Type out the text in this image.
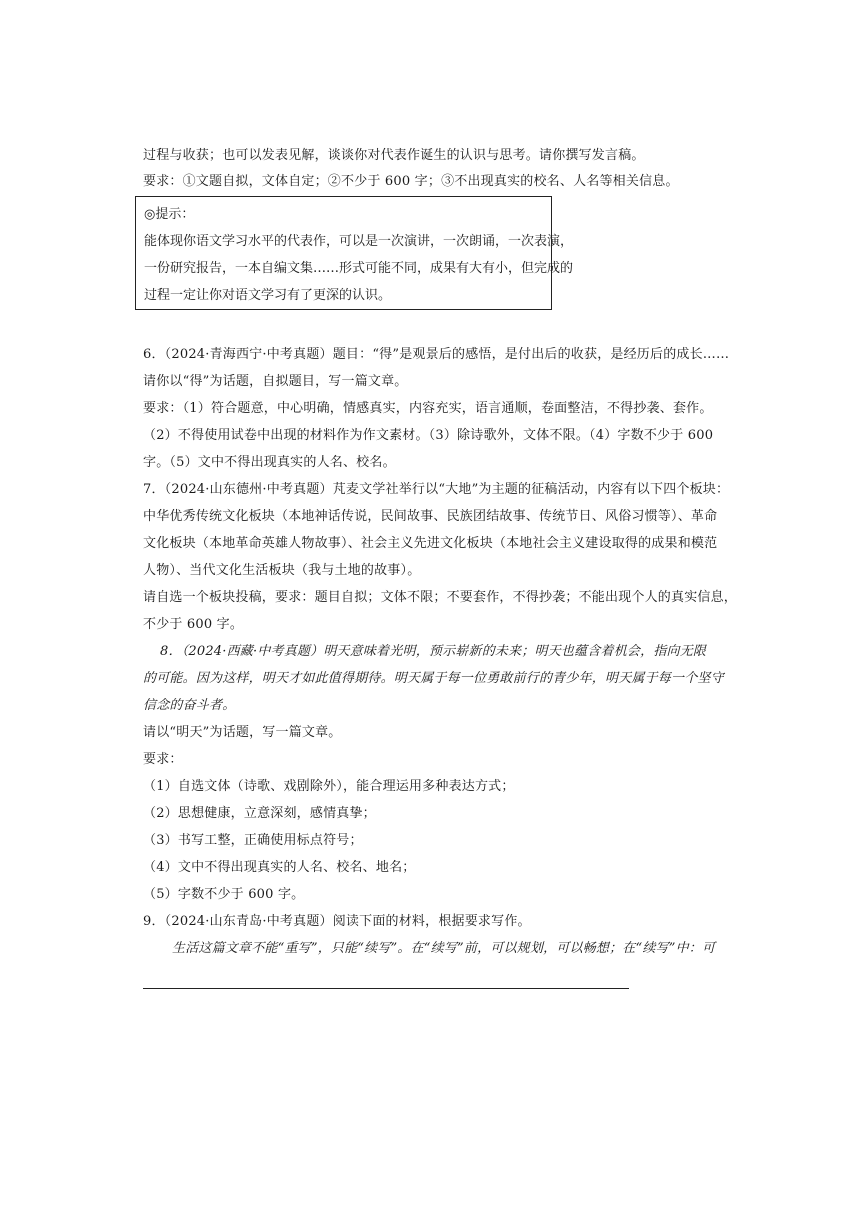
过程与收获；也可以发表见解，谈谈你对代表作诞生的认识与思考。请你撰写发言稿。
要求：①文题自拟，文体自定；②不少于 600 字；③不出现真实的校名、人名等相关信息。
◎提示：
能体现你语文学习水平的代表作，可以是一次演讲，一次朗诵，一次表演，
一份研究报告，一本自编文集……形式可能不同，成果有大有小，但完成的
过程一定让你对语文学习有了更深的认识。
6．（2024·青海西宁·中考真题）题目：“得”是观景后的感悟，是付出后的收获，是经历后的成长……
请你以“得”为话题，自拟题目，写一篇文章。
要求：（1）符合题意，中心明确，情感真实，内容充实，语言通顺，卷面整洁，不得抄袭、套作。
（2）不得使用试卷中出现的材料作为作文素材。（3）除诗歌外，文体不限。（4）字数不少于 600
字。（5）文中不得出现真实的人名、校名。
7．（2024·山东德州·中考真题）芃麦文学社举行以“大地”为主题的征稿活动，内容有以下四个板块：
中华优秀传统文化板块（本地神话传说，民间故事、民族团结故事、传统节日、风俗习惯等）、革命
文化板块（本地革命英雄人物故事）、社会主义先进文化板块（本地社会主义建设取得的成果和模范
人物）、当代文化生活板块（我与土地的故事）。
请自选一个板块投稿，要求：题目自拟；文体不限；不要套作，不得抄袭；不能出现个人的真实信息，
不少于 600 字。
8．（2024·西藏·中考真题）明天意味着光明，预示崭新的未来；明天也蕴含着机会，指向无限
的可能。因为这样，明天才如此值得期待。明天属于每一位勇敢前行的青少年，明天属于每一个坚守
信念的奋斗者。
请以“明天”为话题，写一篇文章。
要求：
（1）自选文体（诗歌、戏剧除外），能合理运用多种表达方式；
（2）思想健康，立意深刻，感情真挚；
（3）书写工整，正确使用标点符号；
（4）文中不得出现真实的人名、校名、地名；
（5）字数不少于 600 字。
9．（2024·山东青岛·中考真题）阅读下面的材料，根据要求写作。
生活这篇文章不能“重写”，只能“续写”。在“续写”前，可以规划，可以畅想；在“续写”中：可
